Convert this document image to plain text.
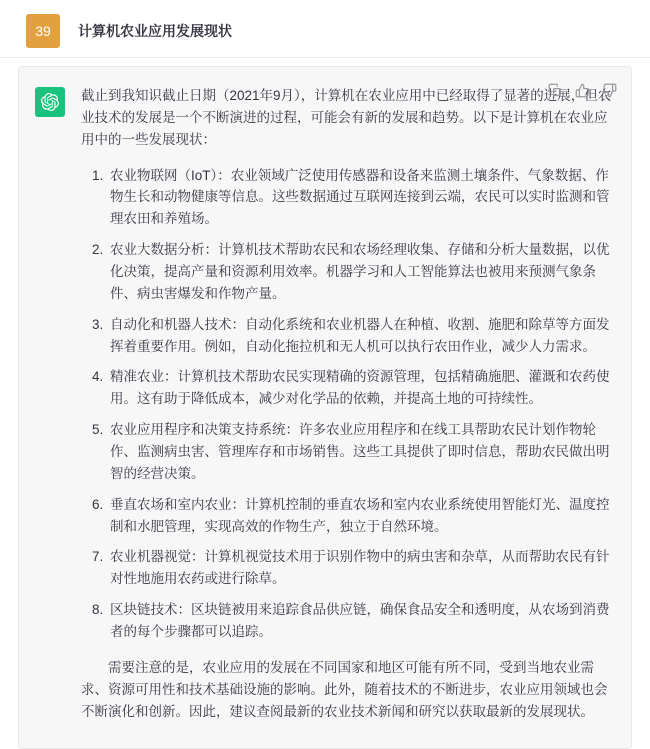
39	计算机农业应用发展现状

截止到我知识截止日期（2021年9月），计算机在农业应用中已经取得了显著的进展，但农业技术的发展是一个不断演进的过程，可能会有新的发展和趋势。以下是计算机在农业应用中的一些发展现状：

1. 农业物联网（IoT）：农业领域广泛使用传感器和设备来监测土壤条件、气象数据、作物生长和动物健康等信息。这些数据通过互联网连接到云端，农民可以实时监测和管理农田和养殖场。
2. 农业大数据分析：计算机技术帮助农民和农场经理收集、存储和分析大量数据，以优化决策，提高产量和资源利用效率。机器学习和人工智能算法也被用来预测气象条件、病虫害爆发和作物产量。
3. 自动化和机器人技术：自动化系统和农业机器人在种植、收割、施肥和除草等方面发挥着重要作用。例如，自动化拖拉机和无人机可以执行农田作业，减少人力需求。
4. 精准农业：计算机技术帮助农民实现精确的资源管理，包括精确施肥、灌溉和农药使用。这有助于降低成本，减少对化学品的依赖，并提高土地的可持续性。
5. 农业应用程序和决策支持系统：许多农业应用程序和在线工具帮助农民计划作物轮作、监测病虫害、管理库存和市场销售。这些工具提供了即时信息，帮助农民做出明智的经营决策。
6. 垂直农场和室内农业：计算机控制的垂直农场和室内农业系统使用智能灯光、温度控制和水肥管理，实现高效的作物生产，独立于自然环境。
7. 农业机器视觉：计算机视觉技术用于识别作物中的病虫害和杂草，从而帮助农民有针对性地施用农药或进行除草。
8. 区块链技术：区块链被用来追踪食品供应链，确保食品安全和透明度，从农场到消费者的每个步骤都可以追踪。

需要注意的是，农业应用的发展在不同国家和地区可能有所不同，受到当地农业需求、资源可用性和技术基础设施的影响。此外，随着技术的不断进步，农业应用领域也会不断演化和创新。因此，建议查阅最新的农业技术新闻和研究以获取最新的发展现状。
